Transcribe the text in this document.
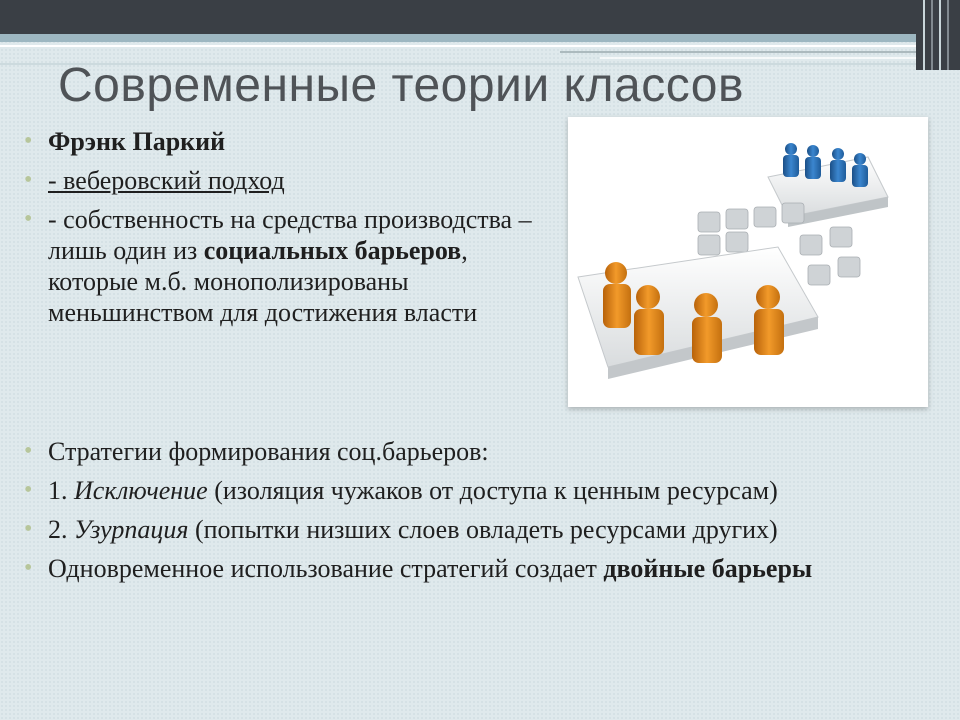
Современные теории классов
• Фрэнк Паркий
• - веберовский подход
• - собственность на средства производства – лишь один из социальных барьеров, которые м.б. монополизированы меньшинством для достижения власти
• Стратегии формирования соц.барьеров:
• 1. Исключение (изоляция чужаков от доступа к ценным ресурсам)
• 2. Узурпация (попытки низших слоев овладеть ресурсами других)
• Одновременное использование стратегий создает двойные барьеры
